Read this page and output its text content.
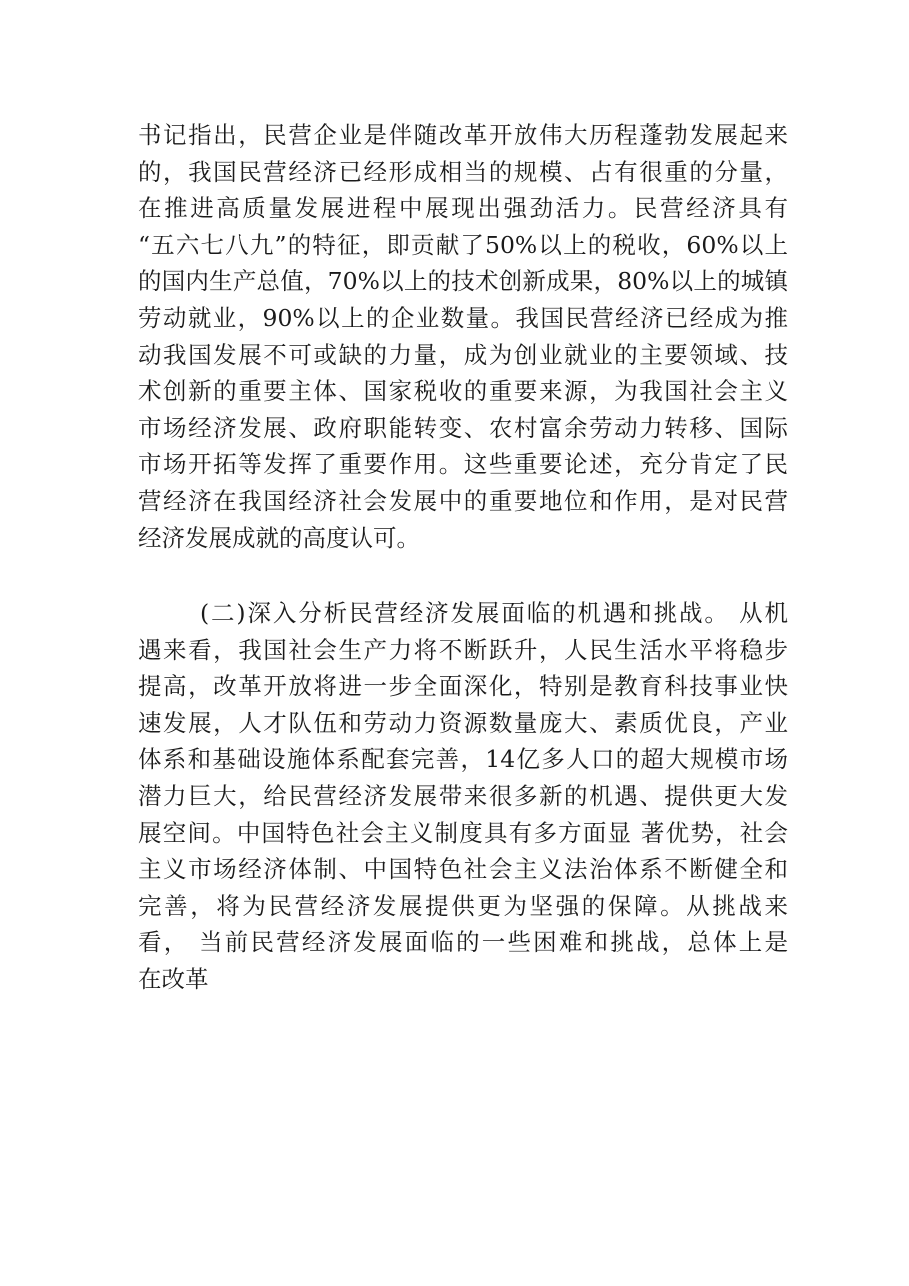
书记指出，民营企业是伴随改革开放伟大历程蓬勃发展起来
的，我国民营经济已经形成相当的规模、占有很重的分量，
在推进高质量发展进程中展现出强劲活力。民营经济具有
“五六七八九”的特征，即贡献了50%以上的税收，60%以上
的国内生产总值，70%以上的技术创新成果，80%以上的城镇
劳动就业，90%以上的企业数量。我国民营经济已经成为推
动我国发展不可或缺的力量，成为创业就业的主要领域、技
术创新的重要主体、国家税收的重要来源，为我国社会主义
市场经济发展、政府职能转变、农村富余劳动力转移、国际
市场开拓等发挥了重要作用。这些重要论述，充分肯定了民
营经济在我国经济社会发展中的重要地位和作用，是对民营
经济发展成就的高度认可。
(二)深入分析民营经济发展面临的机遇和挑战。 从机
遇来看，我国社会生产力将不断跃升，人民生活水平将稳步
提高，改革开放将进一步全面深化，特别是教育科技事业快
速发展，人才队伍和劳动力资源数量庞大、素质优良，产业
体系和基础设施体系配套完善，14亿多人口的超大规模市场
潜力巨大，给民营经济发展带来很多新的机遇、提供更大发
展空间。中国特色社会主义制度具有多方面显 著优势，社会
主义市场经济体制、中国特色社会主义法治体系不断健全和
完善，将为民营经济发展提供更为坚强的保障。从挑战来
看， 当前民营经济发展面临的一些困难和挑战，总体上是
在改革
